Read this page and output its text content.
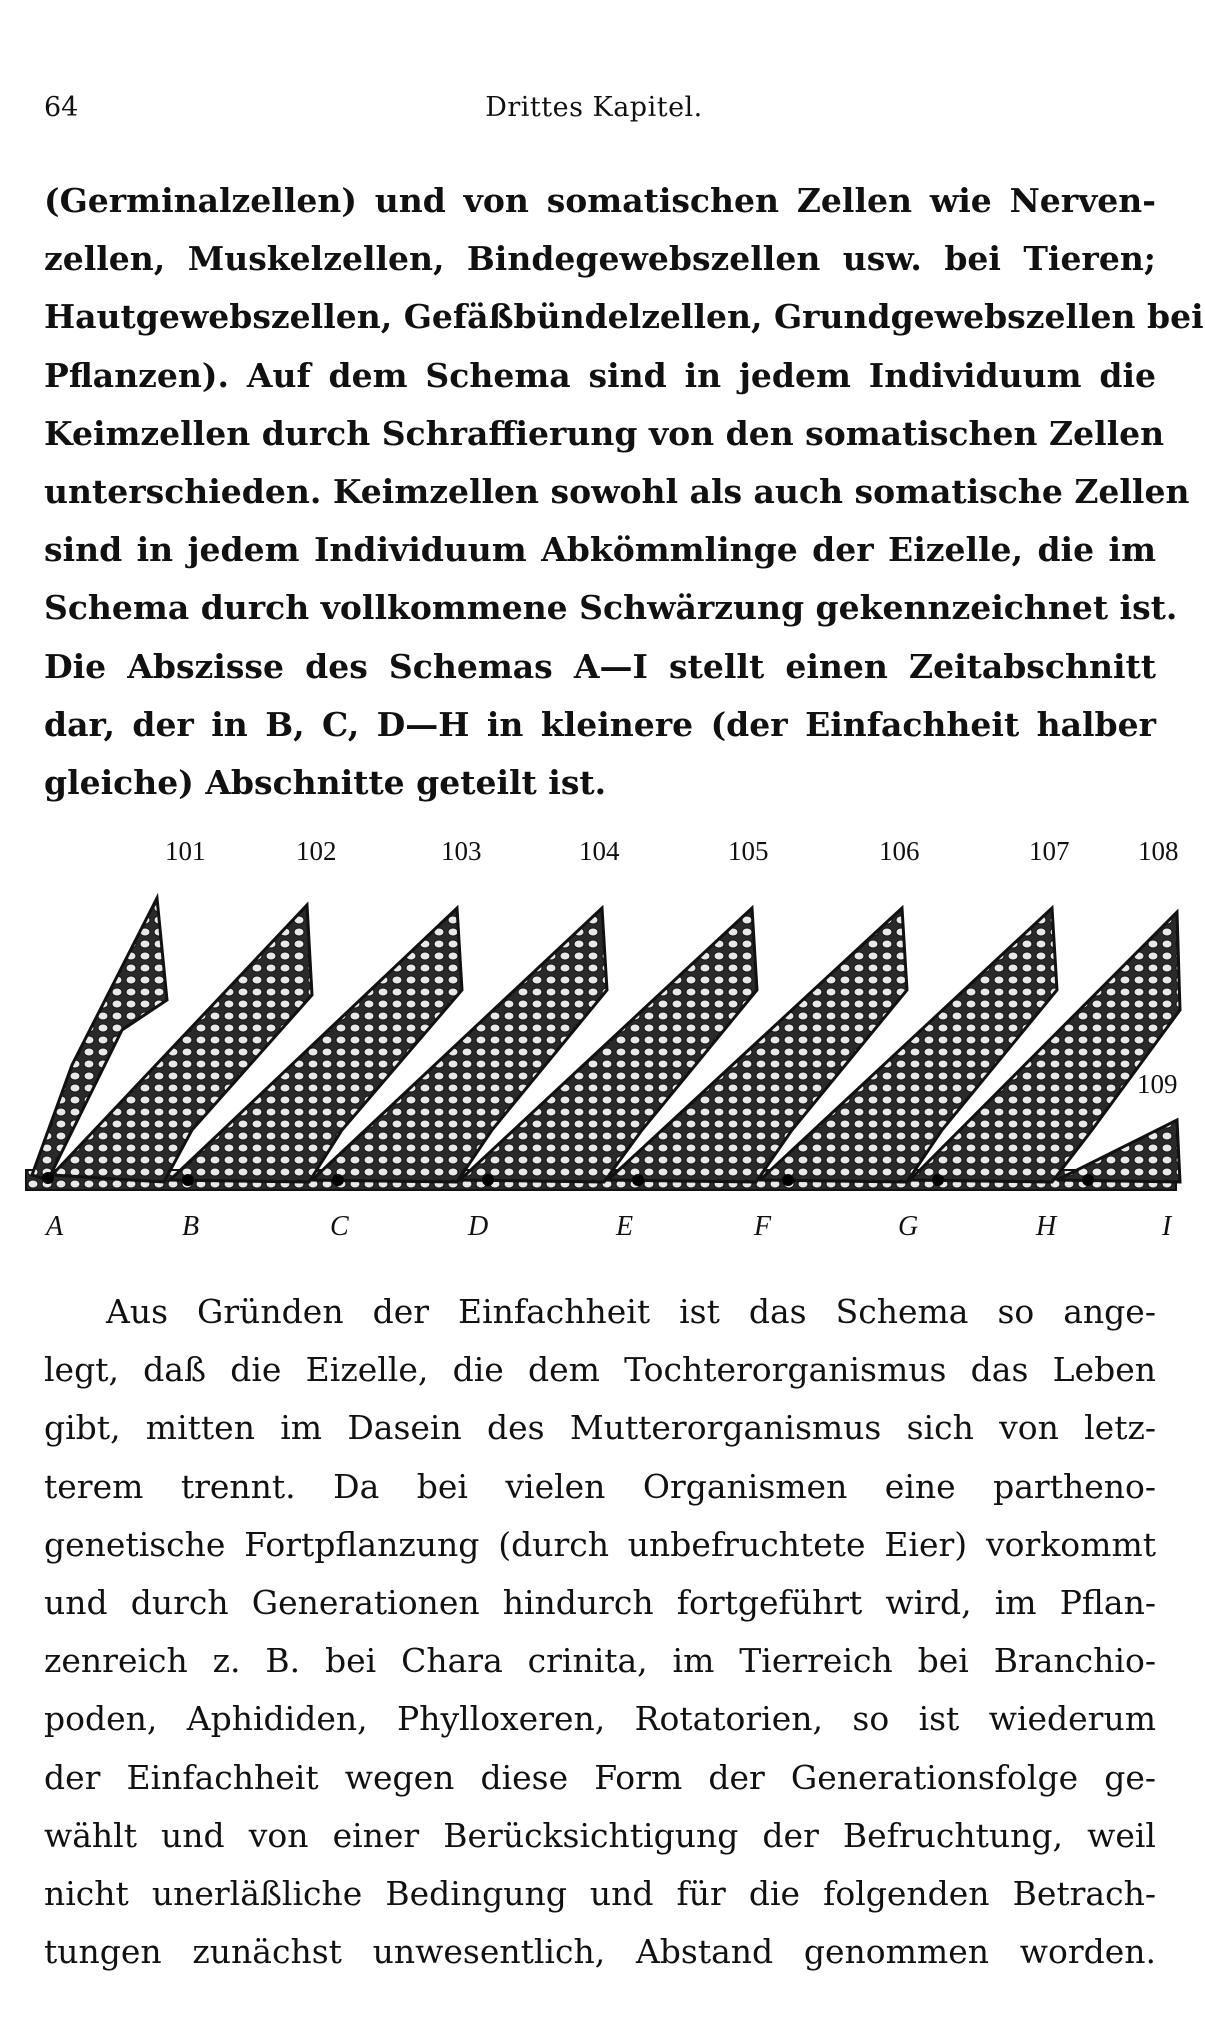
64	Drittes Kapitel.
(Germinalzellen) und von somatischen Zellen wie Nerven-
zellen, Muskelzellen, Bindegewebszellen usw. bei Tieren;
Hautgewebszellen, Gefäßbündelzellen, Grundgewebszellen bei
Pflanzen). Auf dem Schema sind in jedem Individuum die
Keimzellen durch Schraffierung von den somatischen Zellen
unterschieden. Keimzellen sowohl als auch somatische Zellen
sind in jedem Individuum Abkömmlinge der Eizelle, die im
Schema durch vollkommene Schwärzung gekennzeichnet ist.
Die Abszisse des Schemas A—I stellt einen Zeitabschnitt
dar, der in B, C, D—H in kleinere (der Einfachheit halber
gleiche) Abschnitte geteilt ist.
101	102	103	104	105	106	107	108
109
A	B	C	D	E	F	G	H	I
Aus Gründen der Einfachheit ist das Schema so ange-
legt, daß die Eizelle, die dem Tochterorganismus das Leben
gibt, mitten im Dasein des Mutterorganismus sich von letz-
terem trennt. Da bei vielen Organismen eine partheno-
genetische Fortpflanzung (durch unbefruchtete Eier) vorkommt
und durch Generationen hindurch fortgeführt wird, im Pflan-
zenreich z. B. bei Chara crinita, im Tierreich bei Branchio-
poden, Aphididen, Phylloxeren, Rotatorien, so ist wiederum
der Einfachheit wegen diese Form der Generationsfolge ge-
wählt und von einer Berücksichtigung der Befruchtung, weil
nicht unerläßliche Bedingung und für die folgenden Betrach-
tungen zunächst unwesentlich, Abstand genommen worden.
